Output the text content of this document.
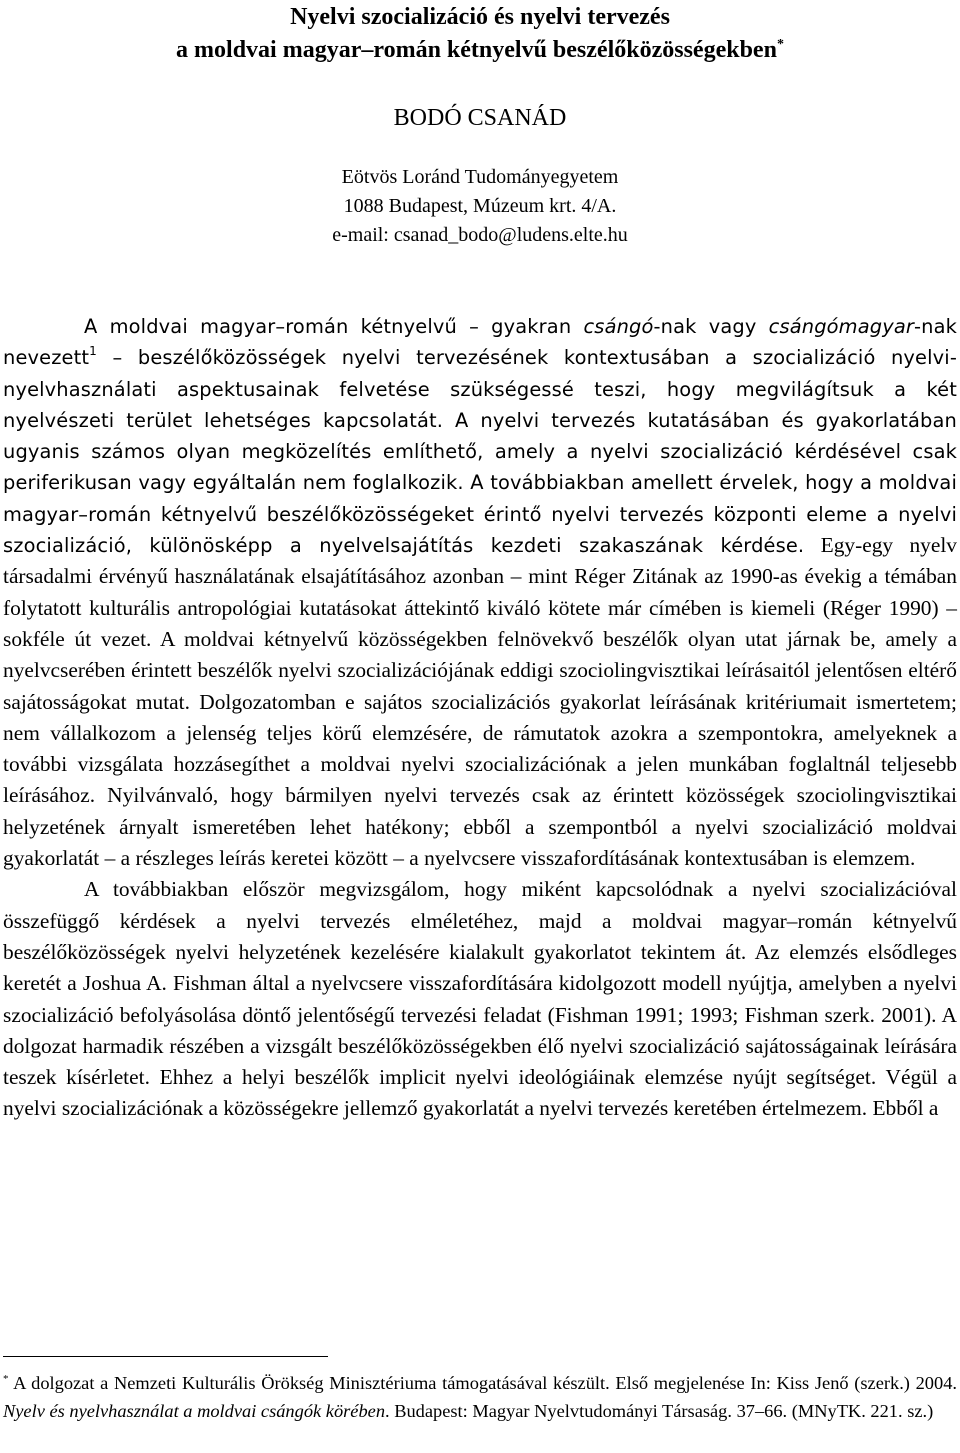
Nyelvi szocializáció és nyelvi tervezés
a moldvai magyar–román kétnyelvű beszélőközösségekben*
BODÓ CSANÁD
Eötvös Loránd Tudományegyetem
1088 Budapest, Múzeum krt. 4/A.
e-mail: csanad_bodo@ludens.elte.hu

A moldvai magyar–román kétnyelvű – gyakran csángó-nak vagy csángómagyar-nak nevezett$^1$ – beszélőközösségek nyelvi tervezésének kontextusában a szocializáció nyelvi-nyelvhasználati aspektusainak felvetése szükségessé teszi, hogy megvilágítsuk a két nyelvészeti terület lehetséges kapcsolatát. A nyelvi tervezés kutatásában és gyakorlatában ugyanis számos olyan megközelítés említhető, amely a nyelvi szocializáció kérdésével csak periferikusan vagy egyáltalán nem foglalkozik. A továbbiakban amellett érvelek, hogy a moldvai magyar–román kétnyelvű beszélőközösségeket érintő nyelvi tervezés központi eleme a nyelvi szocializáció, különösképp a nyelvelsajátítás kezdeti szakaszának kérdése. Egy-egy nyelv társadalmi érvényű használatának elsajátításához azonban – mint Réger Zitának az 1990-as évekig a témában folytatott kulturális antropológiai kutatásokat áttekintő kiváló kötete már címében is kiemeli (Réger 1990) – sokféle út vezet. A moldvai kétnyelvű közösségekben felnövekvő beszélők olyan utat járnak be, amely a nyelvcserében érintett beszélők nyelvi szocializációjának eddigi szociolingvisztikai leírásaitól jelentősen eltérő sajátosságokat mutat. Dolgozatomban e sajátos szocializációs gyakorlat leírásának kritériumait ismertetem; nem vállalkozom a jelenség teljes körű elemzésére, de rámutatok azokra a szempontokra, amelyeknek a további vizsgálata hozzásegíthet a moldvai nyelvi szocializációnak a jelen munkában foglaltnál teljesebb leírásához. Nyilvánvaló, hogy bármilyen nyelvi tervezés csak az érintett közösségek szociolingvisztikai helyzetének árnyalt ismeretében lehet hatékony; ebből a szempontból a nyelvi szocializáció moldvai gyakorlatát – a részleges leírás keretei között – a nyelvcsere visszafordításának kontextusában is elemzem.

A továbbiakban először megvizsgálom, hogy miként kapcsolódnak a nyelvi szocializációval összefüggő kérdések a nyelvi tervezés elméletéhez, majd a moldvai magyar–román kétnyelvű beszélőközösségek nyelvi helyzetének kezelésére kialakult gyakorlatot tekintem át. Az elemzés elsődleges keretét a Joshua A. Fishman által a nyelvcsere visszafordítására kidolgozott modell nyújtja, amelyben a nyelvi szocializáció befolyásolása döntő jelentőségű tervezési feladat (Fishman 1991; 1993; Fishman szerk. 2001). A dolgozat harmadik részében a vizsgált beszélőközösségekben élő nyelvi szocializáció sajátosságainak leírására teszek kísérletet. Ehhez a helyi beszélők implicit nyelvi ideológiáinak elemzése nyújt segítséget. Végül a nyelvi szocializációnak a közösségekre jellemző gyakorlatát a nyelvi tervezés keretében értelmezem. Ebből a

* A dolgozat a Nemzeti Kulturális Örökség Minisztériuma támogatásával készült. Első megjelenése In: Kiss Jenő (szerk.) 2004. Nyelv és nyelvhasználat a moldvai csángók körében. Budapest: Magyar Nyelvtudományi Társaság. 37–66. (MNyTK. 221. sz.)
